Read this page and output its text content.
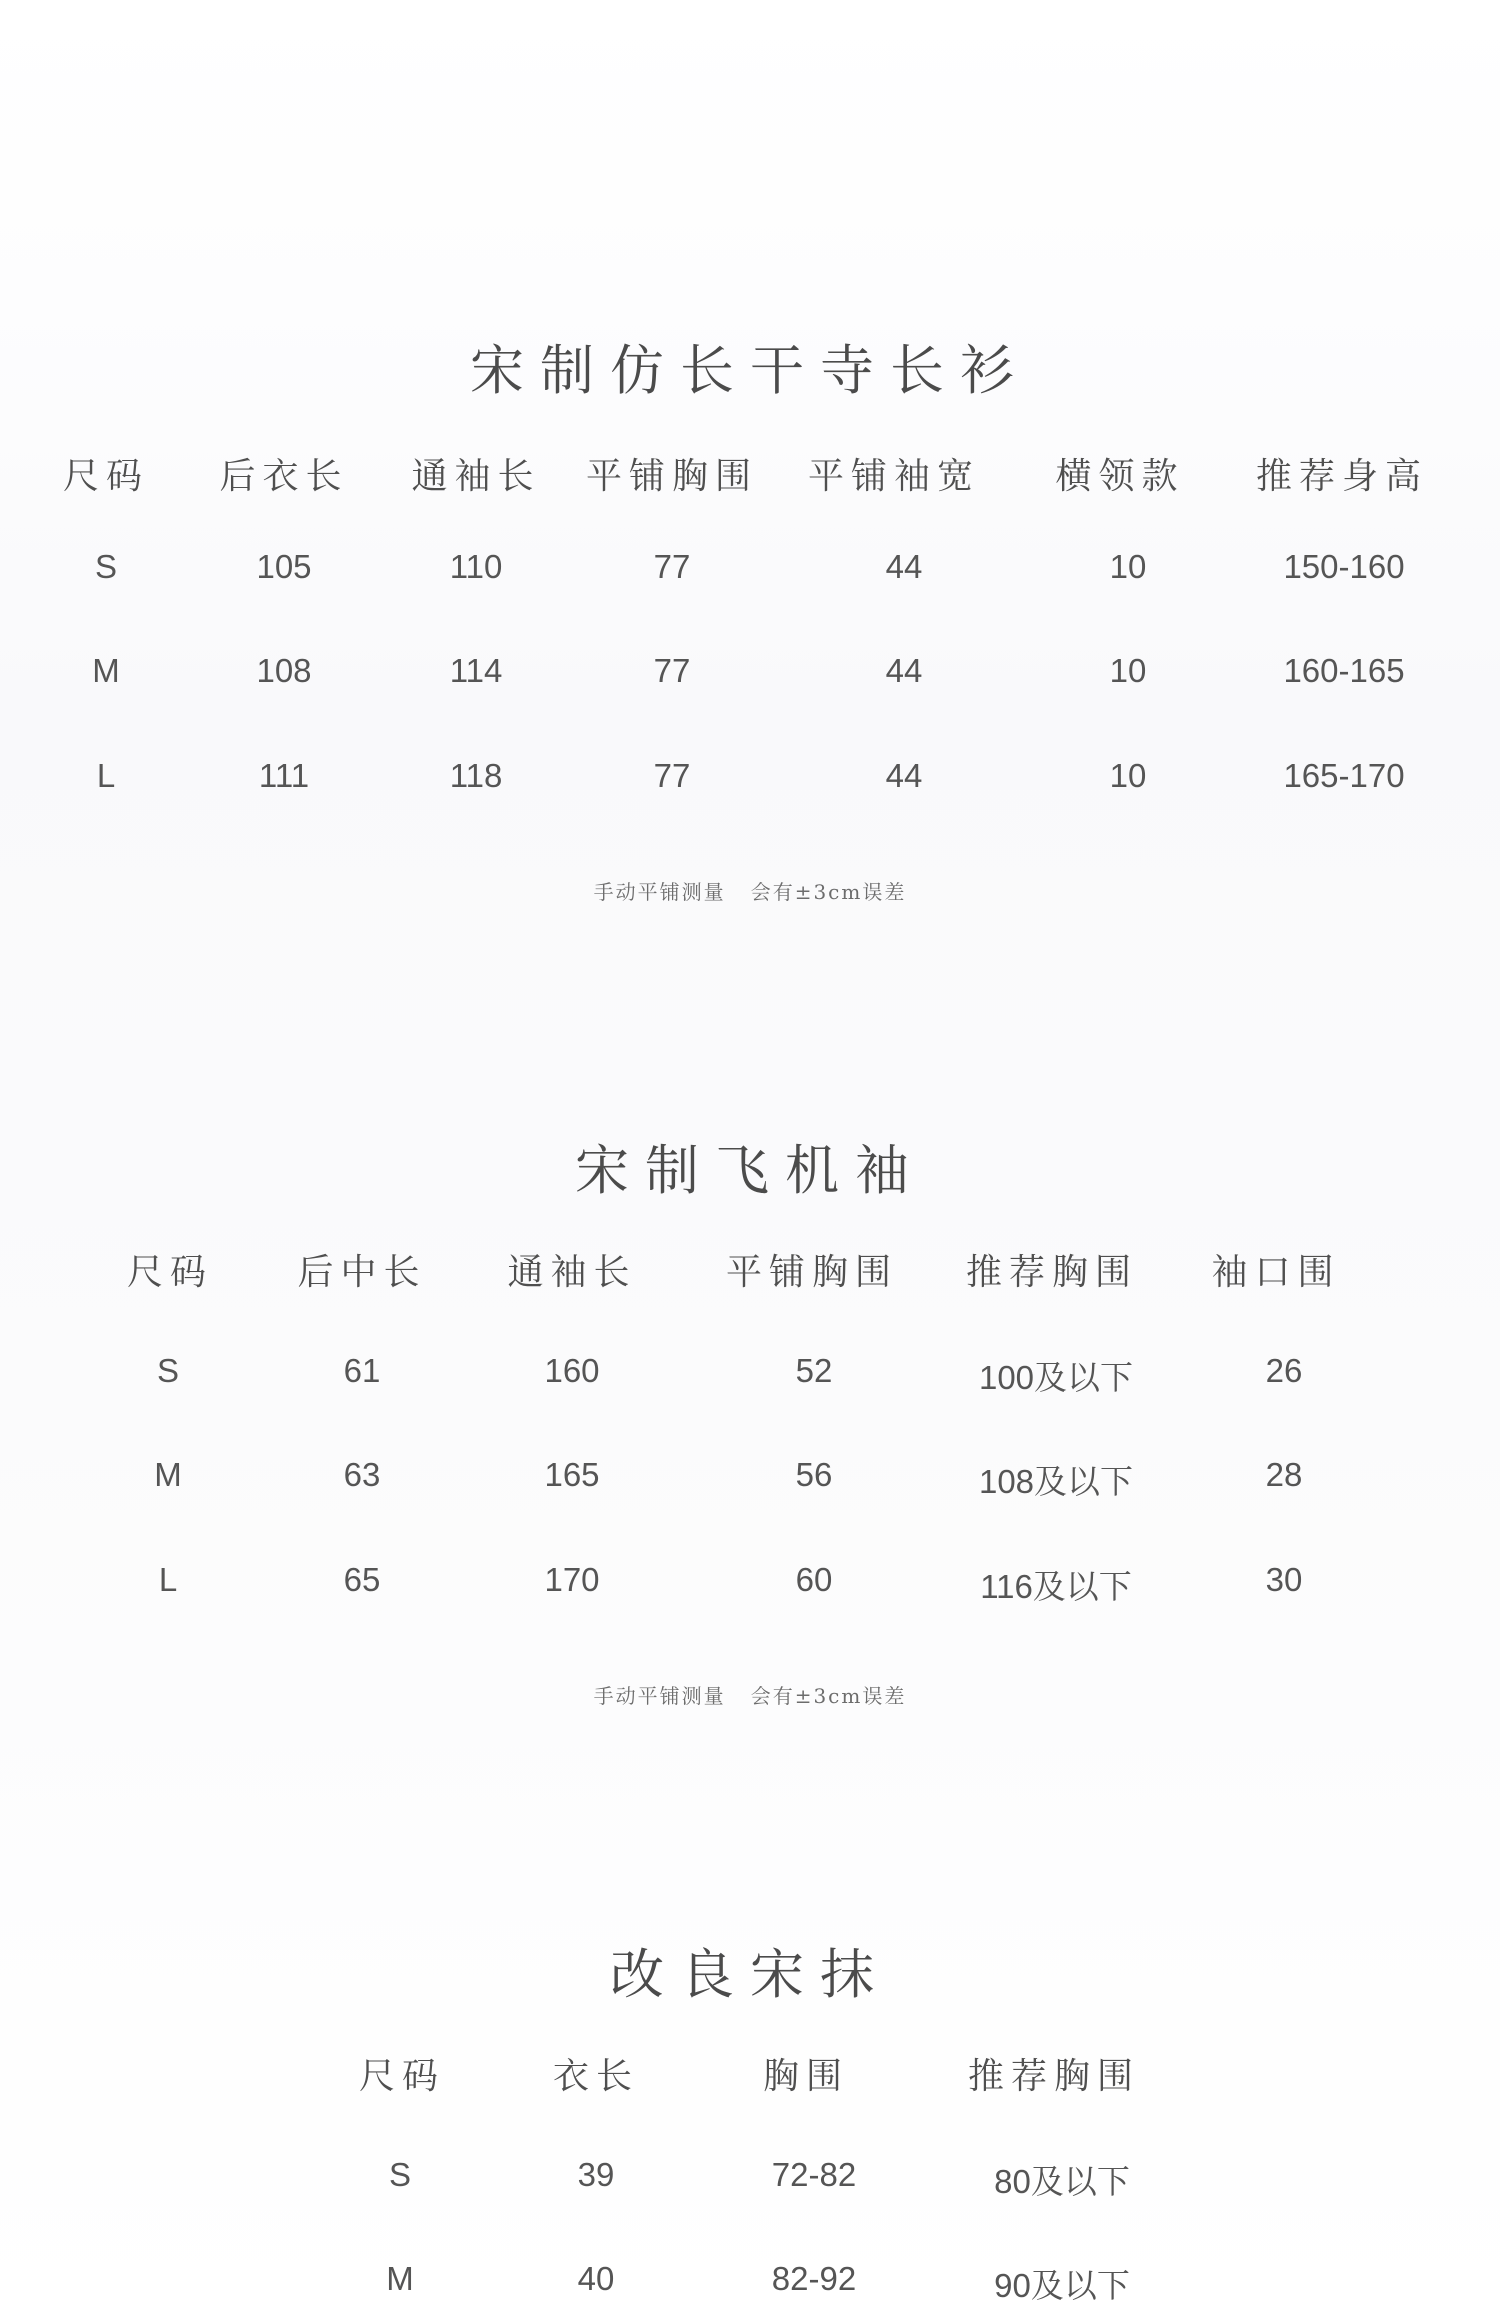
宋制仿长干寺长衫
尺码 后衣长 通袖长 平铺胸围 平铺袖宽 横领款 推荐身高
S	105	110	77	44	10	150-160
M	108	114	77	44	10	160-165
L	111	118	77	44	10	165-170
手动平铺测量   会有±3cm误差
宋制飞机袖
尺码 后中长 通袖长 平铺胸围 推荐胸围 袖口围
S	61	160	52	100及以下	26
M	63	165	56	108及以下	28
L	65	170	60	116及以下	30
手动平铺测量   会有±3cm误差
改良宋抹
尺码	衣长	胸围	推荐胸围
S	39	72-82	80及以下
M	40	82-92	90及以下
